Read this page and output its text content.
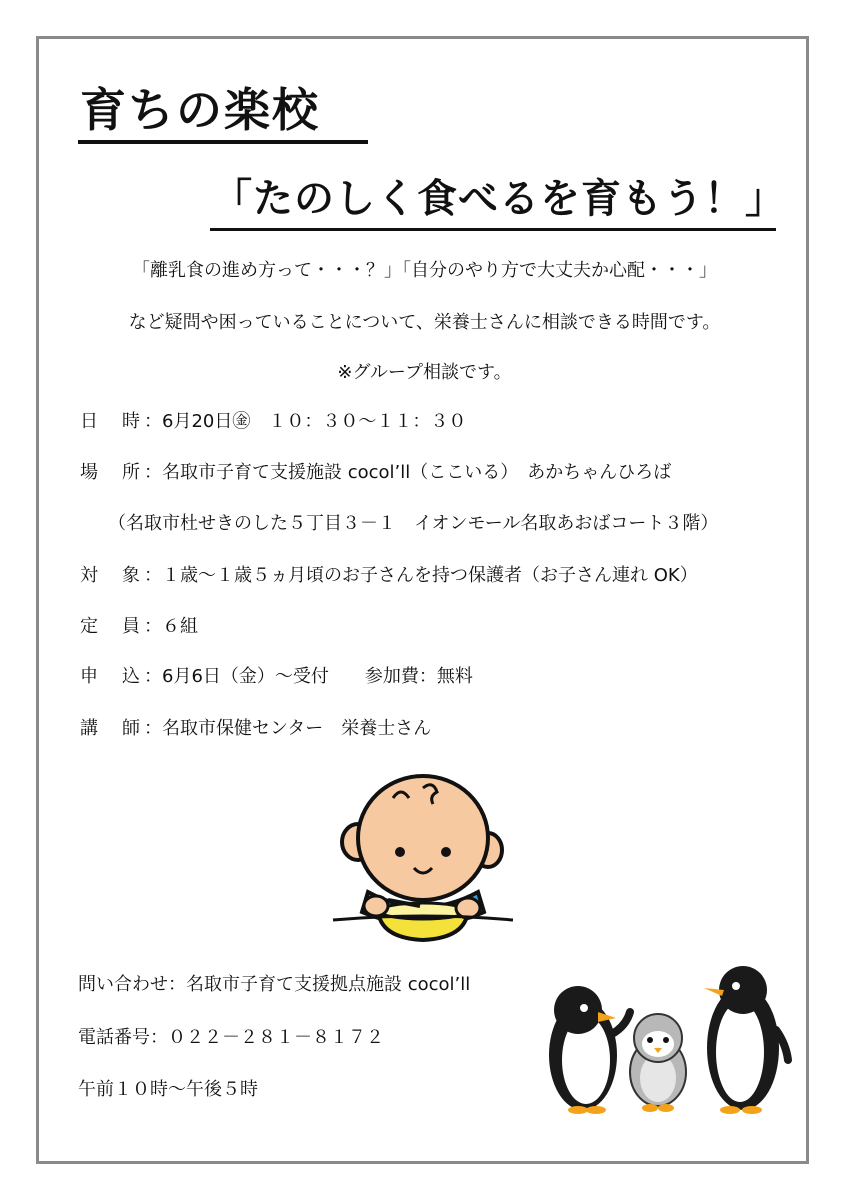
育ちの楽校
「たのしく食べるを育もう！」
「離乳食の進め方って・・・？」「自分のやり方で大丈夫か心配・・・」
など疑問や困っていることについて、栄養士さんに相談できる時間です。
※グループ相談です。
日 時 ：6月20日㊎　１０：３０～１１：３０
場 所 ：名取市子育て支援施設 cocol’ll（ここいる）　あかちゃんひろば
（名取市杜せきのした５丁目３－１　イオンモール名取あおばコート３階）
対 象 ：１歳～１歳５ヵ月頃のお子さんを持つ保護者（お子さん連れ OK）
定 員 ：６組
申 込 ：6月6日（金）～受付　　参加費：無料
講 師 ：名取市保健センター　栄養士さん
問い合わせ：名取市子育て支援拠点施設 cocol’ll
電話番号：０２２－２８１－８１７２
午前１０時～午後５時
